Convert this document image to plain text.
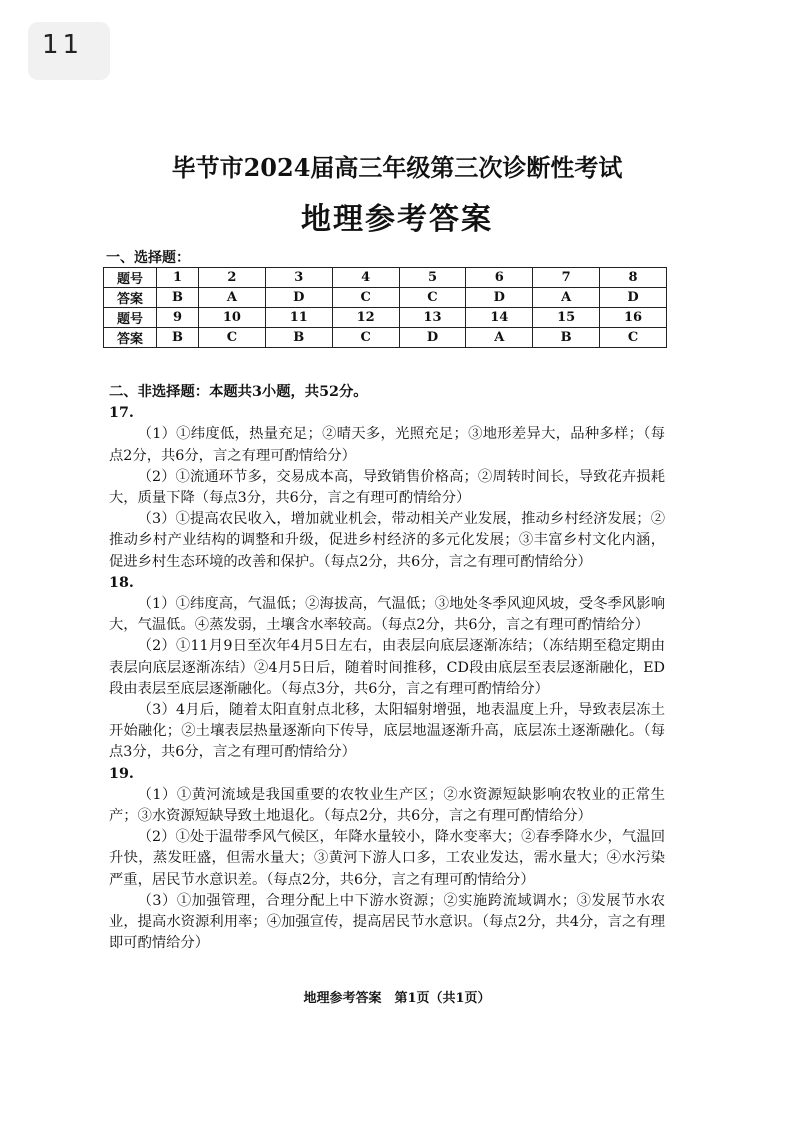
11
毕节市2024届高三年级第三次诊断性考试
地理参考答案
一、选择题：
题号	1	2	3	4	5	6	7	8
答案	B	A	D	C	C	D	A	D
题号	9	10	11	12	13	14	15	16
答案	B	C	B	C	D	A	B	C

二、非选择题：本题共3小题，共52分。

17.

（1）①纬度低，热量充足；②晴天多，光照充足；③地形差异大，品种多样；（每点2分，共6分，言之有理可酌情给分）

（2）①流通环节多，交易成本高，导致销售价格高；②周转时间长，导致花卉损耗大，质量下降（每点3分，共6分，言之有理可酌情给分）

（3）①提高农民收入，增加就业机会，带动相关产业发展，推动乡村经济发展；②推动乡村产业结构的调整和升级，促进乡村经济的多元化发展；③丰富乡村文化内涵，促进乡村生态环境的改善和保护。（每点2分，共6分，言之有理可酌情给分）

18.

（1）①纬度高，气温低；②海拔高，气温低；③地处冬季风迎风坡，受冬季风影响大，气温低。④蒸发弱，土壤含水率较高。（每点2分，共6分，言之有理可酌情给分）

（2）①11月9日至次年4月5日左右，由表层向底层逐渐冻结；（冻结期至稳定期由表层向底层逐渐冻结）②4月5日后，随着时间推移，CD段由底层至表层逐渐融化，ED段由表层至底层逐渐融化。（每点3分，共6分，言之有理可酌情给分）

（3）4月后，随着太阳直射点北移，太阳辐射增强，地表温度上升，导致表层冻土开始融化；②土壤表层热量逐渐向下传导，底层地温逐渐升高，底层冻土逐渐融化。（每点3分，共6分，言之有理可酌情给分）

19.

（1）①黄河流域是我国重要的农牧业生产区；②水资源短缺影响农牧业的正常生产；③水资源短缺导致土地退化。（每点2分，共6分，言之有理可酌情给分）

（2）①处于温带季风气候区，年降水量较小，降水变率大；②春季降水少，气温回升快，蒸发旺盛，但需水量大；③黄河下游人口多，工农业发达，需水量大；④水污染严重，居民节水意识差。（每点2分，共6分，言之有理可酌情给分）

（3）①加强管理，合理分配上中下游水资源；②实施跨流域调水；③发展节水农业，提高水资源利用率；④加强宣传，提高居民节水意识。（每点2分，共4分，言之有理即可酌情给分）

地理参考答案　第1页（共1页）
